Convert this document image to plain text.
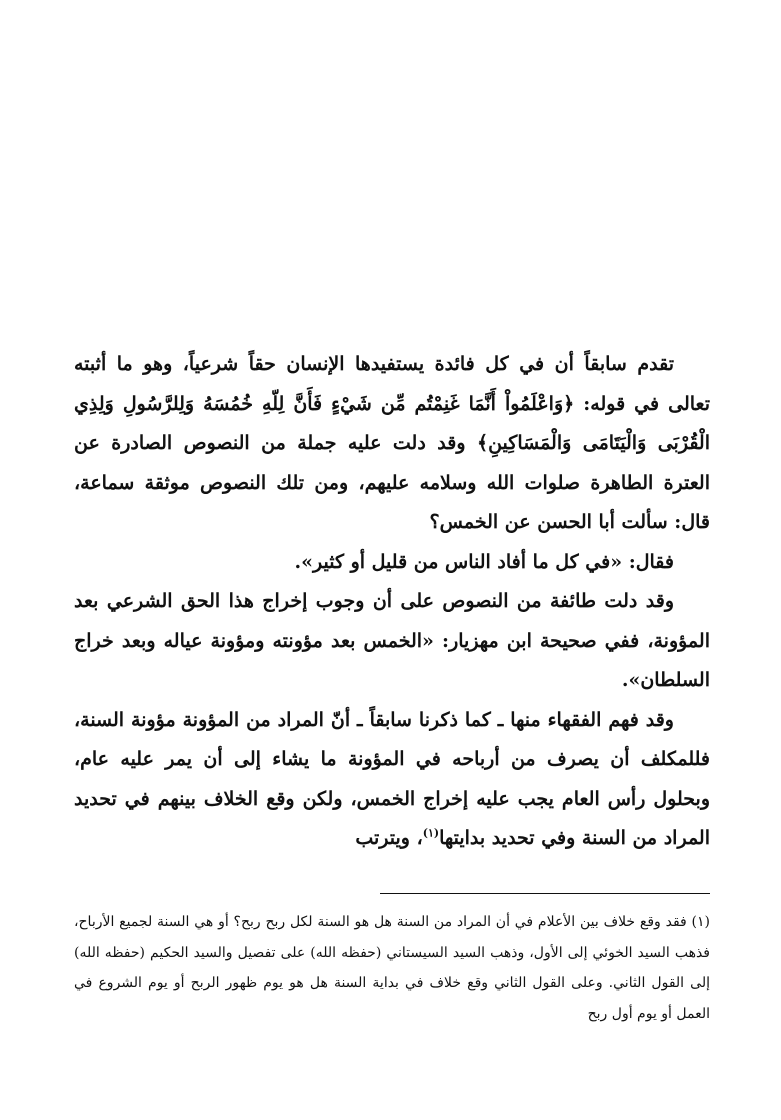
تقدم سابقاً أن في كل فائدة يستفيدها الإنسان حقاً شرعياً، وهو ما أثبته تعالى في قوله: ﴿وَاعْلَمُواْ أَنَّمَا غَنِمْتُم مِّن شَيْءٍ فَأَنَّ لِلّهِ خُمُسَهُ وَلِلرَّسُولِ وَلِذِي الْقُرْبَى وَالْيَتَامَى وَالْمَسَاكِينِ﴾ وقد دلت عليه جملة من النصوص الصادرة عن العترة الطاهرة صلوات الله وسلامه عليهم، ومن تلك النصوص موثقة سماعة، قال: سألت أبا الحسن عن الخمس؟

فقال: «في كل ما أفاد الناس من قليل أو كثير».

وقد دلت طائفة من النصوص على أن وجوب إخراج هذا الحق الشرعي بعد المؤونة، ففي صحيحة ابن مهزيار: «الخمس بعد مؤونته ومؤونة عياله وبعد خراج السلطان».

وقد فهم الفقهاء منها ـ كما ذكرنا سابقاً ـ أنّ المراد من المؤونة مؤونة السنة، فللمكلف أن يصرف من أرباحه في المؤونة ما يشاء إلى أن يمر عليه عام، وبحلول رأس العام يجب عليه إخراج الخمس، ولكن وقع الخلاف بينهم في تحديد المراد من السنة وفي تحديد بدايتها$^{(١)}$، ويترتب

(١) فقد وقع خلاف بين الأعلام في أن المراد من السنة هل هو السنة لكل ربح ربح؟ أو هي السنة لجميع الأرباح، فذهب السيد الخوئي إلى الأول، وذهب السيد السيستاني (حفظه الله) على تفصيل والسيد الحكيم (حفظه الله) إلى القول الثاني. وعلى القول الثاني وقع خلاف في بداية السنة هل هو يوم ظهور الربح أو يوم الشروع في العمل أو يوم أول ربح
